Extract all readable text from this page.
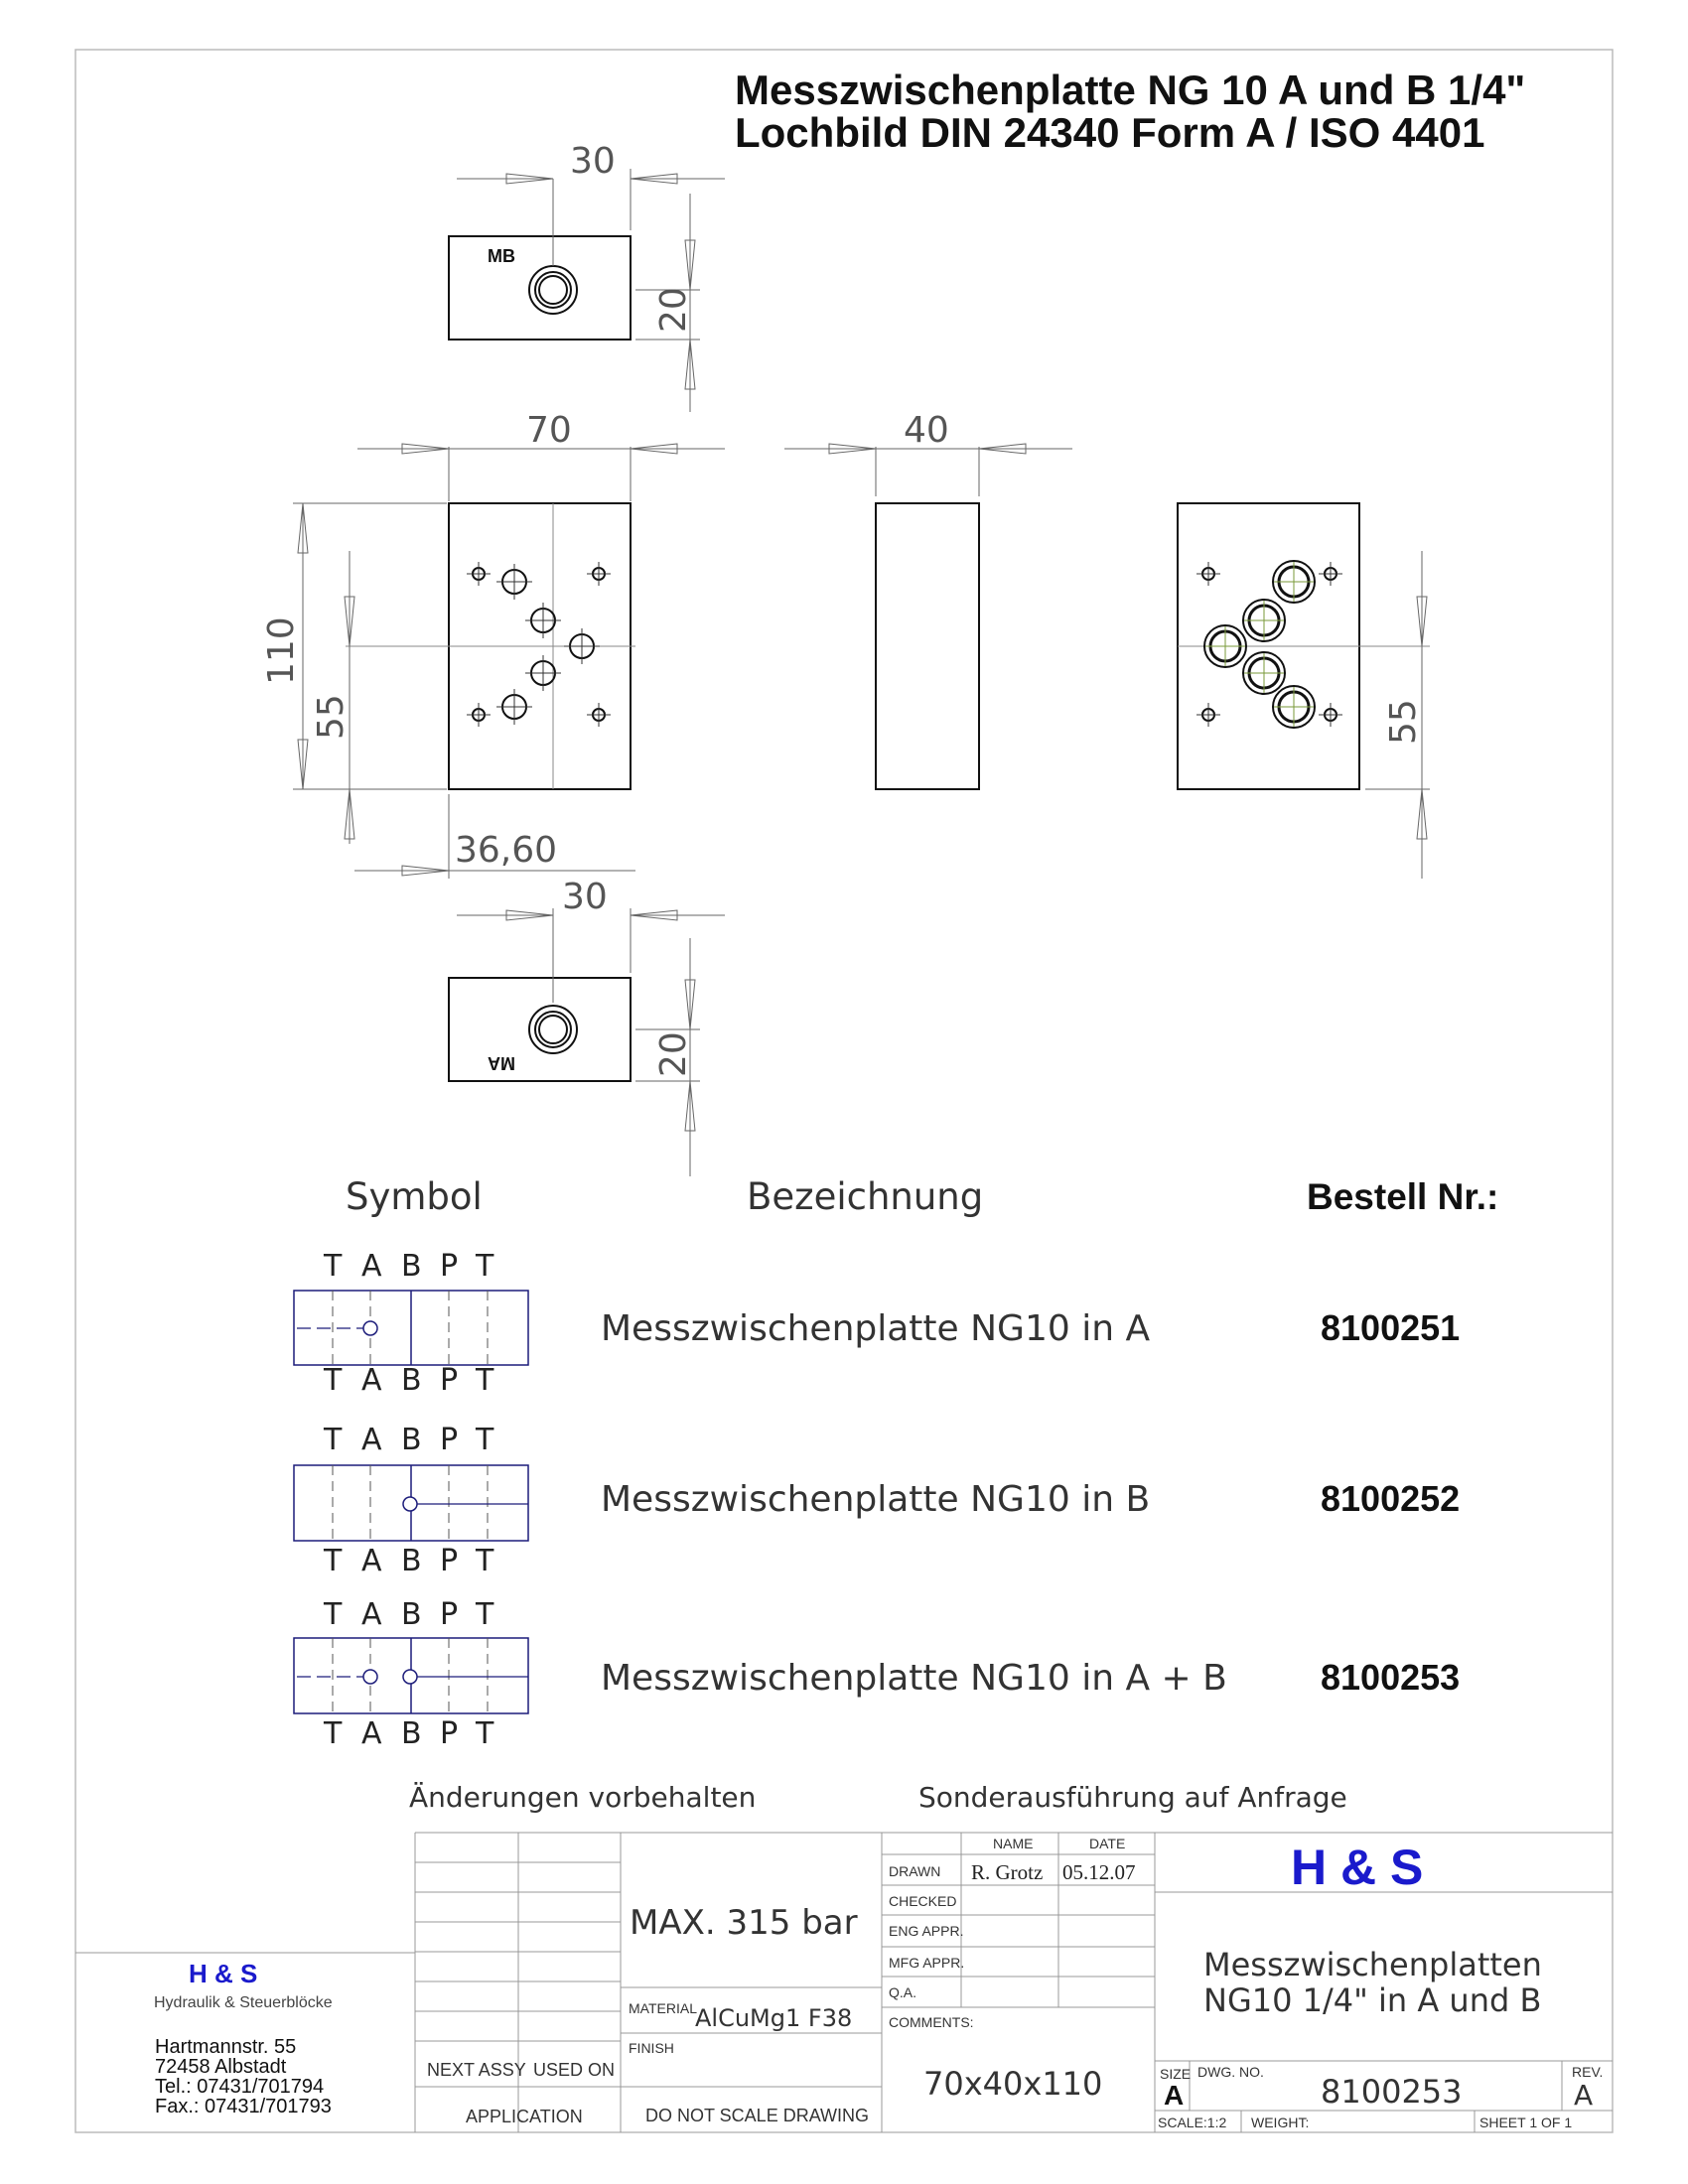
Messzwischenplatte NG 10 A und B 1/4"
Lochbild DIN 24340 Form A / ISO 4401
MB
30
20
70
110
55
36,60
40
55
MA
30
20
Symbol	Bezeichnung	Bestell Nr.:
T
T
A
A
B
B
P
P
T
T
T
T
A
A
B
B
P
P
T
T
T
T
A
A
B
B
P
P
T
T
Messzwischenplatte NG10 in A	8100251
Messzwischenplatte NG10 in B	8100252
Messzwischenplatte NG10 in A + B	8100253
Änderungen vorbehalten	Sonderausführung auf Anfrage
H & S
Hydraulik & Steuerblöcke
Hartmannstr. 55
72458 Albstadt
Tel.: 07431/701794
Fax.: 07431/701793
NEXT ASSY USED ON
APPLICATION
MAX. 315 bar
MATERIAL
AlCuMg1 F38
FINISH
DO NOT SCALE DRAWING
NAME	DATE
DRAWN R. Grotz 05.12.07
CHECKED
ENG APPR.
MFG APPR.
Q.A.
COMMENTS:
70x40x110
H & S
Messzwischenplatten
NG10 1/4" in A und B
SIZE
A
DWG. NO.
8100253
REV.
A
SCALE:1:2 WEIGHT:	SHEET 1 OF 1
